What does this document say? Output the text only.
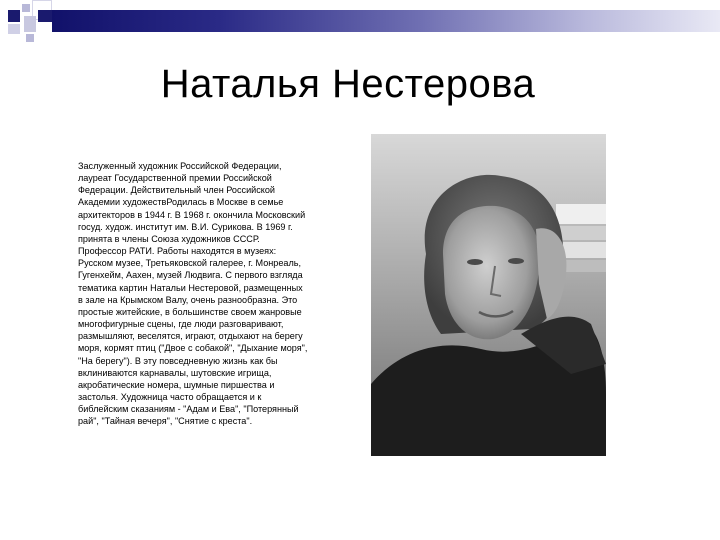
Наталья Нестерова
Заслуженный художник Российской Федерации,
лауреат Государственной премии Российской
Федерации. Действительный член Российской
Академии художествРодилась в Москве в семье
архитекторов в 1944 г. В 1968 г. окончила Московский
госуд. худож. институт им. В.И. Сурикова. В 1969 г.
принята в члены Союза художников СССР.
Профессор РАТИ. Работы находятся в музеях:
Русском музее, Третьяковской галерее, г. Монреаль,
Гугенхейм, Аахен, музей Людвига. С первого взгляда
тематика картин Натальи Нестеровой, размещенных
в зале на Крымском Валу, очень разнообразна. Это
простые житейские, в большинстве своем жанровые
многофигурные сцены, где люди разговаривают,
размышляют, веселятся, играют, отдыхают на берегу
моря, кормят птиц ("Двое с собакой", "Дыхание моря",
"На берегу"). В эту повседневную жизнь как бы
вклиниваются карнавалы, шутовские игрища,
акробатические номера, шумные пиршества и
застолья. Художница часто обращается и к
библейским сказаниям - "Адам и Ева", "Потерянный
рай", "Тайная вечеря", "Снятие с креста".
